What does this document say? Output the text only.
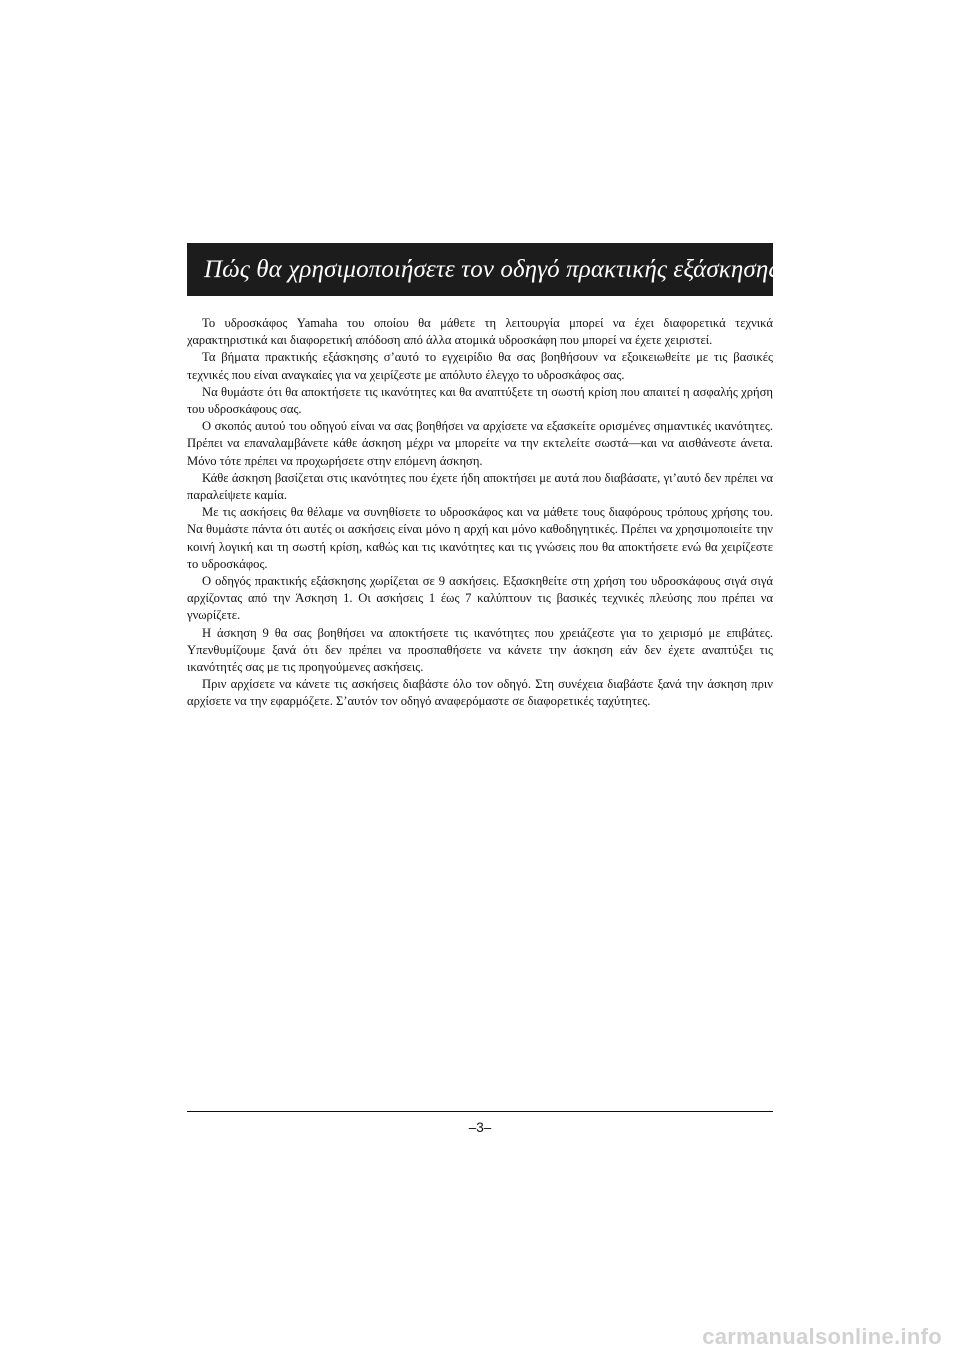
Πώς θα χρησιμοποιήσετε τον οδηγό πρακτικής εξάσκησης

Το υδροσκάφος Yamaha του οποίου θα μάθετε τη λειτουργία μπορεί να έχει διαφορετικά τεχνικά χαρακτηριστικά και διαφορετική απόδοση από άλλα ατομικά υδροσκάφη που μπορεί να έχετε χειριστεί.

Τα βήματα πρακτικής εξάσκησης σ’αυτό το εγχειρίδιο θα σας βοηθήσουν να εξοικειωθείτε με τις βασικές τεχνικές που είναι αναγκαίες για να χειρίζεστε με απόλυτο έλεγχο το υδροσκάφος σας.

Να θυμάστε ότι θα αποκτήσετε τις ικανότητες και θα αναπτύξετε τη σωστή κρίση που απαιτεί η ασφαλής χρήση του υδροσκάφους σας.

Ο σκοπός αυτού του οδηγού είναι να σας βοηθήσει να αρχίσετε να εξασκείτε ορισμένες σημαντικές ικανότητες. Πρέπει να επαναλαμβάνετε κάθε άσκηση μέχρι να μπορείτε να την εκτελείτε σωστά—και να αισθάνεστε άνετα. Μόνο τότε πρέπει να προχωρήσετε στην επόμενη άσκηση.

Κάθε άσκηση βασίζεται στις ικανότητες που έχετε ήδη αποκτήσει με αυτά που διαβάσατε, γι’αυτό δεν πρέπει να παραλείψετε καμία.

Με τις ασκήσεις θα θέλαμε να συνηθίσετε το υδροσκάφος και να μάθετε τους διαφόρους τρόπους χρήσης του. Να θυμάστε πάντα ότι αυτές οι ασκήσεις είναι μόνο η αρχή και μόνο καθοδηγητικές. Πρέπει να χρησιμοποιείτε την κοινή λογική και τη σωστή κρίση, καθώς και τις ικανότητες και τις γνώσεις που θα αποκτήσετε ενώ θα χειρίζεστε το υδροσκάφος.

Ο οδηγός πρακτικής εξάσκησης χωρίζεται σε 9 ασκήσεις. Εξασκηθείτε στη χρήση του υδροσκάφους σιγά σιγά αρχίζοντας από την Άσκηση 1. Οι ασκήσεις 1 έως 7 καλύπτουν τις βασικές τεχνικές πλεύσης που πρέπει να γνωρίζετε.

Η άσκηση 9 θα σας βοηθήσει να αποκτήσετε τις ικανότητες που χρειάζεστε για το χειρισμό με επιβάτες. Υπενθυμίζουμε ξανά ότι δεν πρέπει να προσπαθήσετε να κάνετε την άσκηση εάν δεν έχετε αναπτύξει τις ικανότητές σας με τις προηγούμενες ασκήσεις.

Πριν αρχίσετε να κάνετε τις ασκήσεις διαβάστε όλο τον οδηγό. Στη συνέχεια διαβάστε ξανά την άσκηση πριν αρχίσετε να την εφαρμόζετε. Σ’αυτόν τον οδηγό αναφερόμαστε σε διαφορετικές ταχύτητες.

–3–
carmanualsonline.info
